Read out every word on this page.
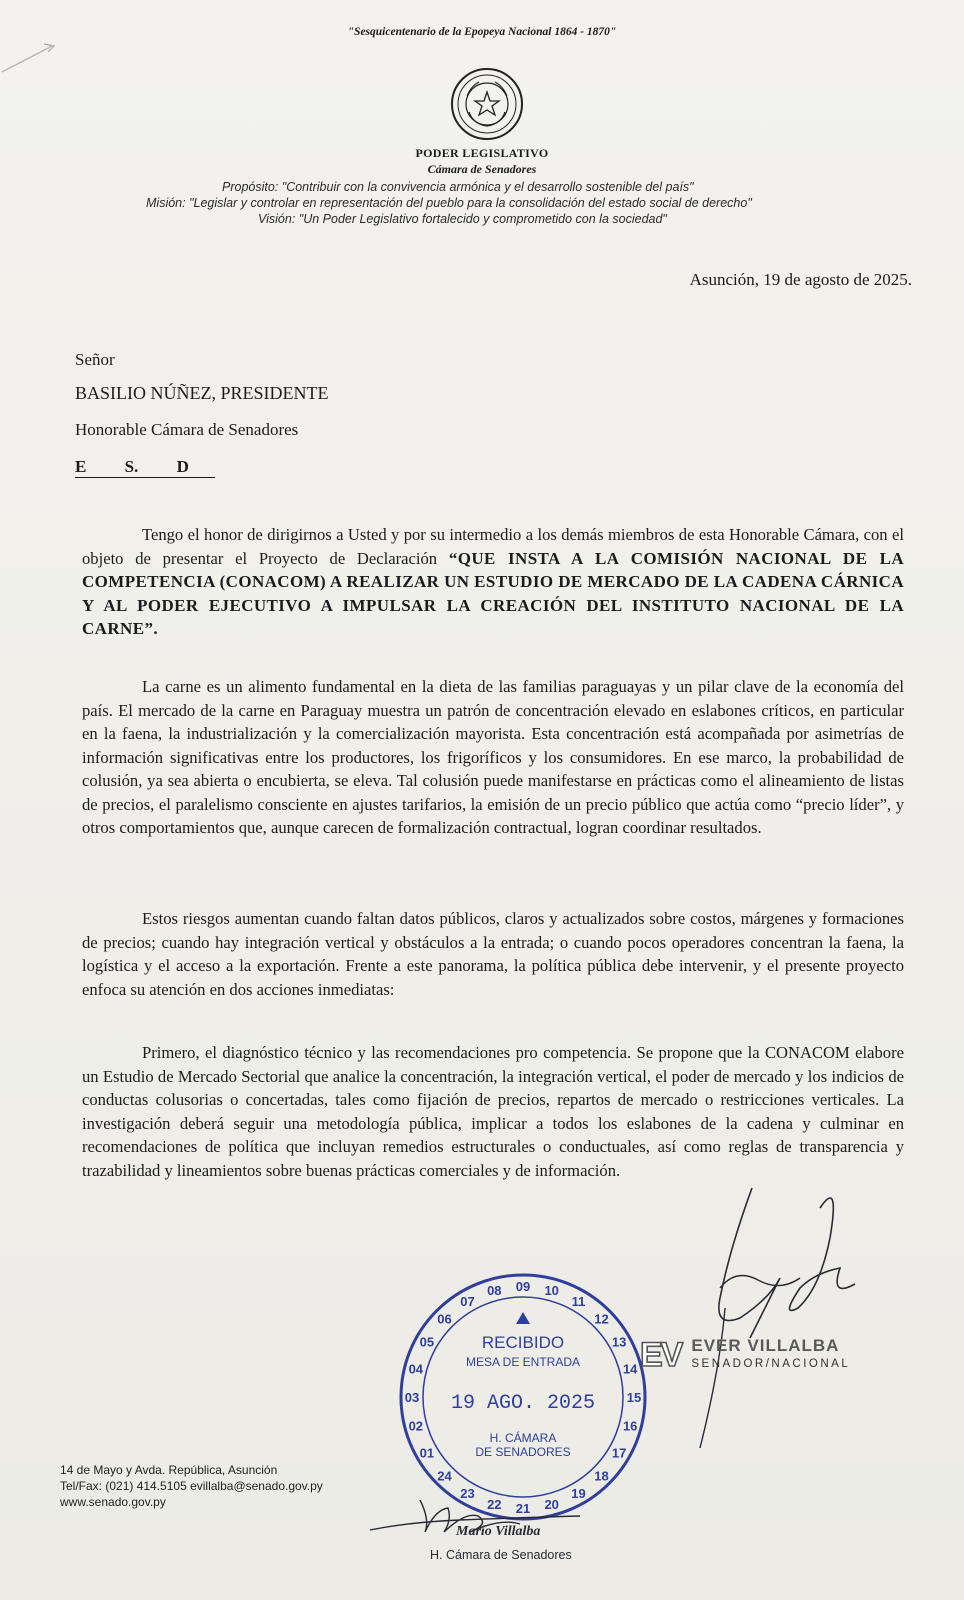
"Sesquicentenario de la Epopeya Nacional 1864 - 1870"
PODER LEGISLATIVO
Cámara de Senadores
Propósito: "Contribuir con la convivencia armónica y el desarrollo sostenible del país"
Misión: "Legislar y controlar en representación del pueblo para la consolidación del estado social de derecho"
Visión: "Un Poder Legislativo fortalecido y comprometido con la sociedad"
Asunción, 19 de agosto de 2025.
Señor
BASILIO NÚÑEZ, PRESIDENTE
Honorable Cámara de Senadores
E S. D
Tengo el honor de dirigirnos a Usted y por su intermedio a los demás miembros de esta Honorable Cámara, con el objeto de presentar el Proyecto de Declaración “QUE INSTA A LA COMISIÓN NACIONAL DE LA COMPETENCIA (CONACOM) A REALIZAR UN ESTUDIO DE MERCADO DE LA CADENA CÁRNICA Y AL PODER EJECUTIVO A IMPULSAR LA CREACIÓN DEL INSTITUTO NACIONAL DE LA CARNE”.
La carne es un alimento fundamental en la dieta de las familias paraguayas y un pilar clave de la economía del país. El mercado de la carne en Paraguay muestra un patrón de concentración elevado en eslabones críticos, en particular en la faena, la industrialización y la comercialización mayorista. Esta concentración está acompañada por asimetrías de información significativas entre los productores, los frigoríficos y los consumidores. En ese marco, la probabilidad de colusión, ya sea abierta o encubierta, se eleva. Tal colusión puede manifestarse en prácticas como el alineamiento de listas de precios, el paralelismo consciente en ajustes tarifarios, la emisión de un precio público que actúa como “precio líder”, y otros comportamientos que, aunque carecen de formalización contractual, logran coordinar resultados.
Estos riesgos aumentan cuando faltan datos públicos, claros y actualizados sobre costos, márgenes y formaciones de precios; cuando hay integración vertical y obstáculos a la entrada; o cuando pocos operadores concentran la faena, la logística y el acceso a la exportación. Frente a este panorama, la política pública debe intervenir, y el presente proyecto enfoca su atención en dos acciones inmediatas:
Primero, el diagnóstico técnico y las recomendaciones pro competencia. Se propone que la CONACOM elabore un Estudio de Mercado Sectorial que analice la concentración, la integración vertical, el poder de mercado y los indicios de conductas colusorias o concertadas, tales como fijación de precios, repartos de mercado o restricciones verticales. La investigación deberá seguir una metodología pública, implicar a todos los eslabones de la cadena y culminar en recomendaciones de política que incluyan remedios estructurales o conductuales, así como reglas de transparencia y trazabilidad y lineamientos sobre buenas prácticas comerciales y de información.
08 09 10
11
12
13
14
15
16
17
18
19
20
21
22
23
24
01
02
03
04
05
06
07
RECIBIDO
MESA DE ENTRADA
19 AGO. 2025
H. CÁMARA
DE SENADORES
Mario Villalba
H. Cámara de Senadores
EV EVER VILLALBA
SENADOR/NACIONAL
14 de Mayo y Avda. República, Asunción
Tel/Fax: (021) 414.5105 evillalba@senado.gov.py
www.senado.gov.py
